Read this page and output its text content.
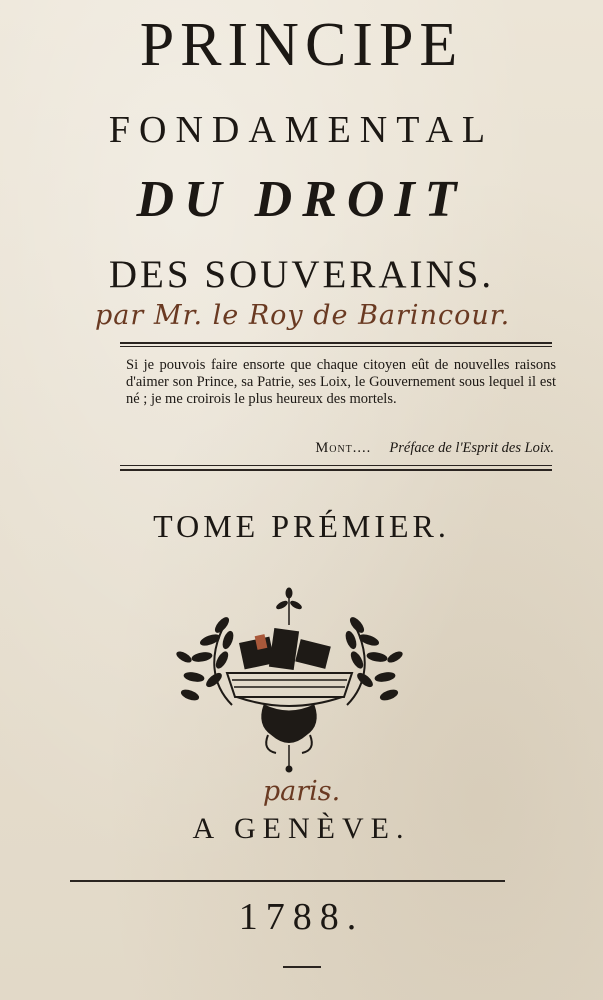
PRINCIPE
FONDAMENTAL
DU DROIT
DES SOUVERAINS.
par Mr. le Roy de Barincour.
Si je pouvois faire ensorte que chaque citoyen eût de nouvelles raisons d'aimer son Prince, sa Patrie, ses Loix, le Gouvernement sous lequel il est né ; je me croirois le plus heureux des mortels.
Mont.... Préface de l'Esprit des Loix.
TOME PRÉMIER.
paris.
A GENÈVE.
1788.
